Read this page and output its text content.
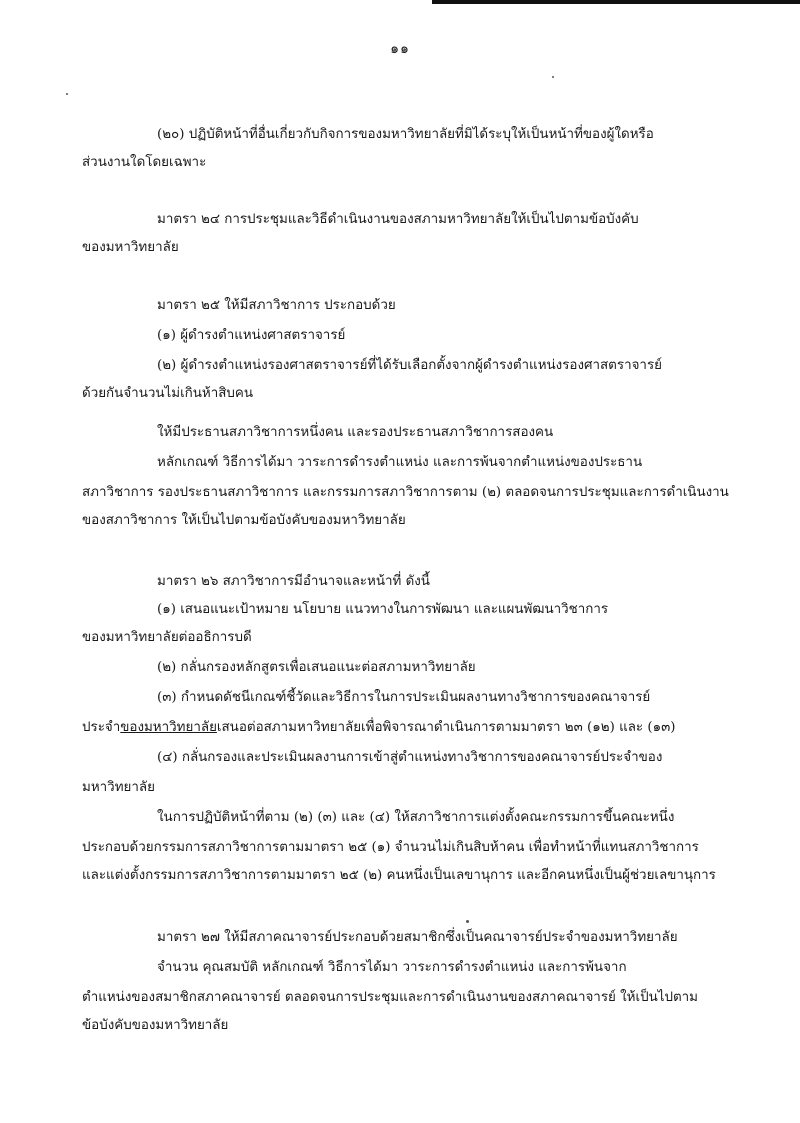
๑๑
(๒๐) ปฏิบัติหน้าที่อื่นเกี่ยวกับกิจการของมหาวิทยาลัยที่มิได้ระบุให้เป็นหน้าที่ของผู้ใดหรือ
ส่วนงานใดโดยเฉพาะ
มาตรา ๒๔ การประชุมและวิธีดำเนินงานของสภามหาวิทยาลัยให้เป็นไปตามข้อบังคับ
ของมหาวิทยาลัย
มาตรา ๒๕ ให้มีสภาวิชาการ ประกอบด้วย
(๑) ผู้ดำรงตำแหน่งศาสตราจารย์
(๒) ผู้ดำรงตำแหน่งรองศาสตราจารย์ที่ได้รับเลือกตั้งจากผู้ดำรงตำแหน่งรองศาสตราจารย์
ด้วยกันจำนวนไม่เกินห้าสิบคน
ให้มีประธานสภาวิชาการหนึ่งคน และรองประธานสภาวิชาการสองคน
หลักเกณฑ์ วิธีการได้มา วาระการดำรงตำแหน่ง และการพ้นจากตำแหน่งของประธาน
สภาวิชาการ รองประธานสภาวิชาการ และกรรมการสภาวิชาการตาม (๒) ตลอดจนการประชุมและการดำเนินงาน
ของสภาวิชาการ ให้เป็นไปตามข้อบังคับของมหาวิทยาลัย
มาตรา ๒๖ สภาวิชาการมีอำนาจและหน้าที่ ดังนี้
(๑) เสนอแนะเป้าหมาย นโยบาย แนวทางในการพัฒนา และแผนพัฒนาวิชาการ
ของมหาวิทยาลัยต่ออธิการบดี
(๒) กลั่นกรองหลักสูตรเพื่อเสนอแนะต่อสภามหาวิทยาลัย
(๓) กำหนดดัชนีเกณฑ์ชี้วัดและวิธีการในการประเมินผลงานทางวิชาการของคณาจารย์
ประจำของมหาวิทยาลัยเสนอต่อสภามหาวิทยาลัยเพื่อพิจารณาดำเนินการตามมาตรา ๒๓ (๑๒) และ (๑๓)
(๔) กลั่นกรองและประเมินผลงานการเข้าสู่ตำแหน่งทางวิชาการของคณาจารย์ประจำของ
มหาวิทยาลัย
ในการปฏิบัติหน้าที่ตาม (๒) (๓) และ (๔) ให้สภาวิชาการแต่งตั้งคณะกรรมการขึ้นคณะหนึ่ง
ประกอบด้วยกรรมการสภาวิชาการตามมาตรา ๒๕ (๑) จำนวนไม่เกินสิบห้าคน เพื่อทำหน้าที่แทนสภาวิชาการ
และแต่งตั้งกรรมการสภาวิชาการตามมาตรา ๒๕ (๒) คนหนึ่งเป็นเลขานุการ และอีกคนหนึ่งเป็นผู้ช่วยเลขานุการ
มาตรา ๒๗ ให้มีสภาคณาจารย์ประกอบด้วยสมาชิกซึ่งเป็นคณาจารย์ประจำของมหาวิทยาลัย
จำนวน คุณสมบัติ หลักเกณฑ์ วิธีการได้มา วาระการดำรงตำแหน่ง และการพ้นจาก
ตำแหน่งของสมาชิกสภาคณาจารย์ ตลอดจนการประชุมและการดำเนินงานของสภาคณาจารย์ ให้เป็นไปตาม
ข้อบังคับของมหาวิทยาลัย
